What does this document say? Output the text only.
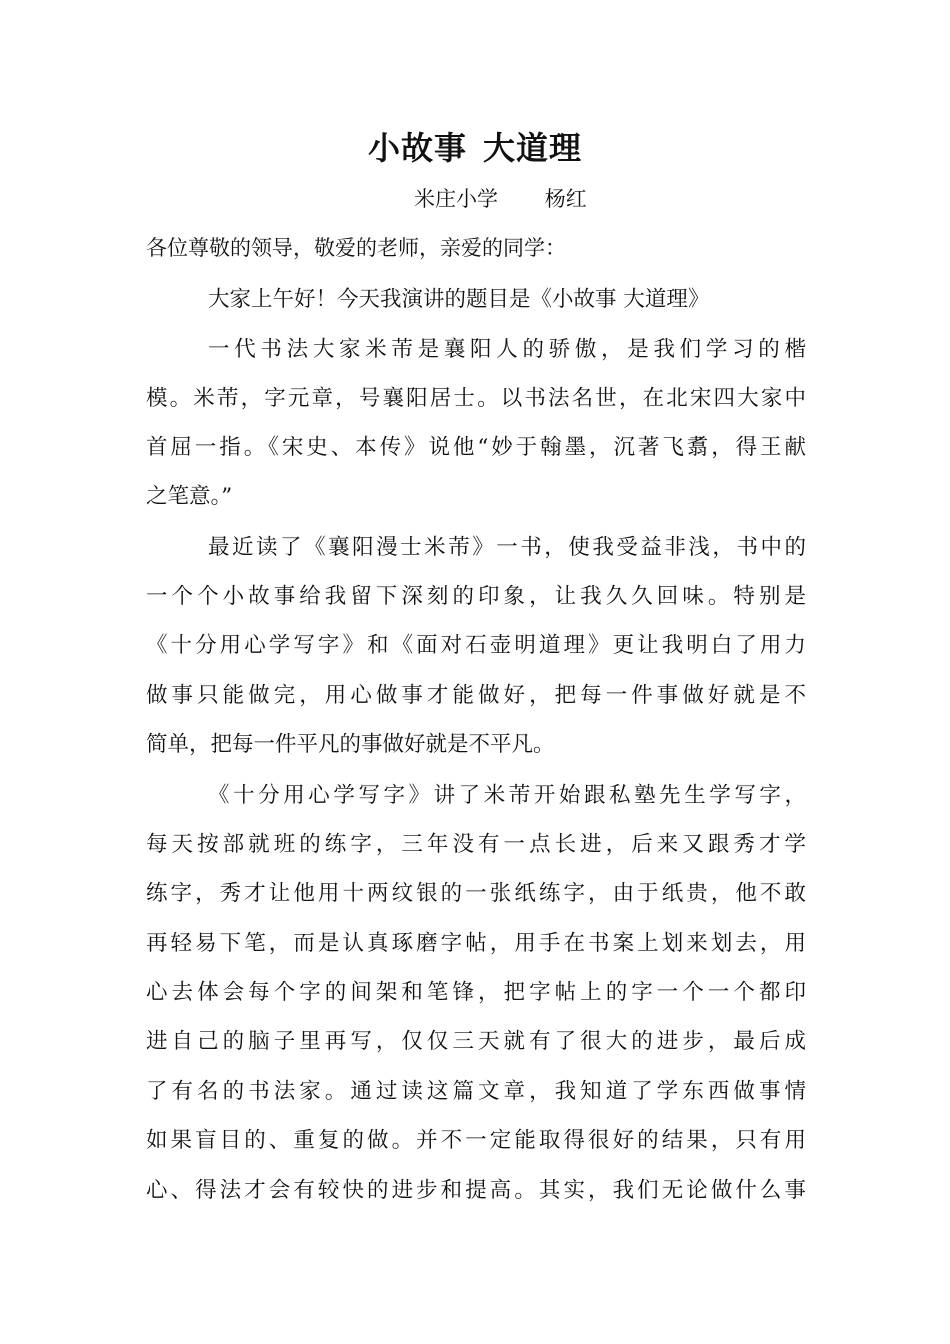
小故事 大道理
米庄小学       杨红
各位尊敬的领导，敬爱的老师，亲爱的同学：
大家上午好！今天我演讲的题目是《小故事 大道理》
一代书法大家米芾是襄阳人的骄傲，是我们学习的楷
模。米芾，字元章，号襄阳居士。以书法名世，在北宋四大家中
首屈一指。《宋史、本传》说他“妙于翰墨，沉著飞翥，得王献
之笔意。”
最近读了《襄阳漫士米芾》一书，使我受益非浅，书中的
一个个小故事给我留下深刻的印象，让我久久回味。特别是
《十分用心学写字》和《面对石壶明道理》更让我明白了用力
做事只能做完，用心做事才能做好，把每一件事做好就是不
简单，把每一件平凡的事做好就是不平凡。
《十分用心学写字》讲了米芾开始跟私塾先生学写字，
每天按部就班的练字，三年没有一点长进，后来又跟秀才学
练字，秀才让他用十两纹银的一张纸练字，由于纸贵，他不敢
再轻易下笔，而是认真琢磨字帖，用手在书案上划来划去，用
心去体会每个字的间架和笔锋，把字帖上的字一个一个都印
进自己的脑子里再写，仅仅三天就有了很大的进步，最后成
了有名的书法家。通过读这篇文章，我知道了学东西做事情
如果盲目的、重复的做。并不一定能取得很好的结果，只有用
心、得法才会有较快的进步和提高。其实，我们无论做什么事
